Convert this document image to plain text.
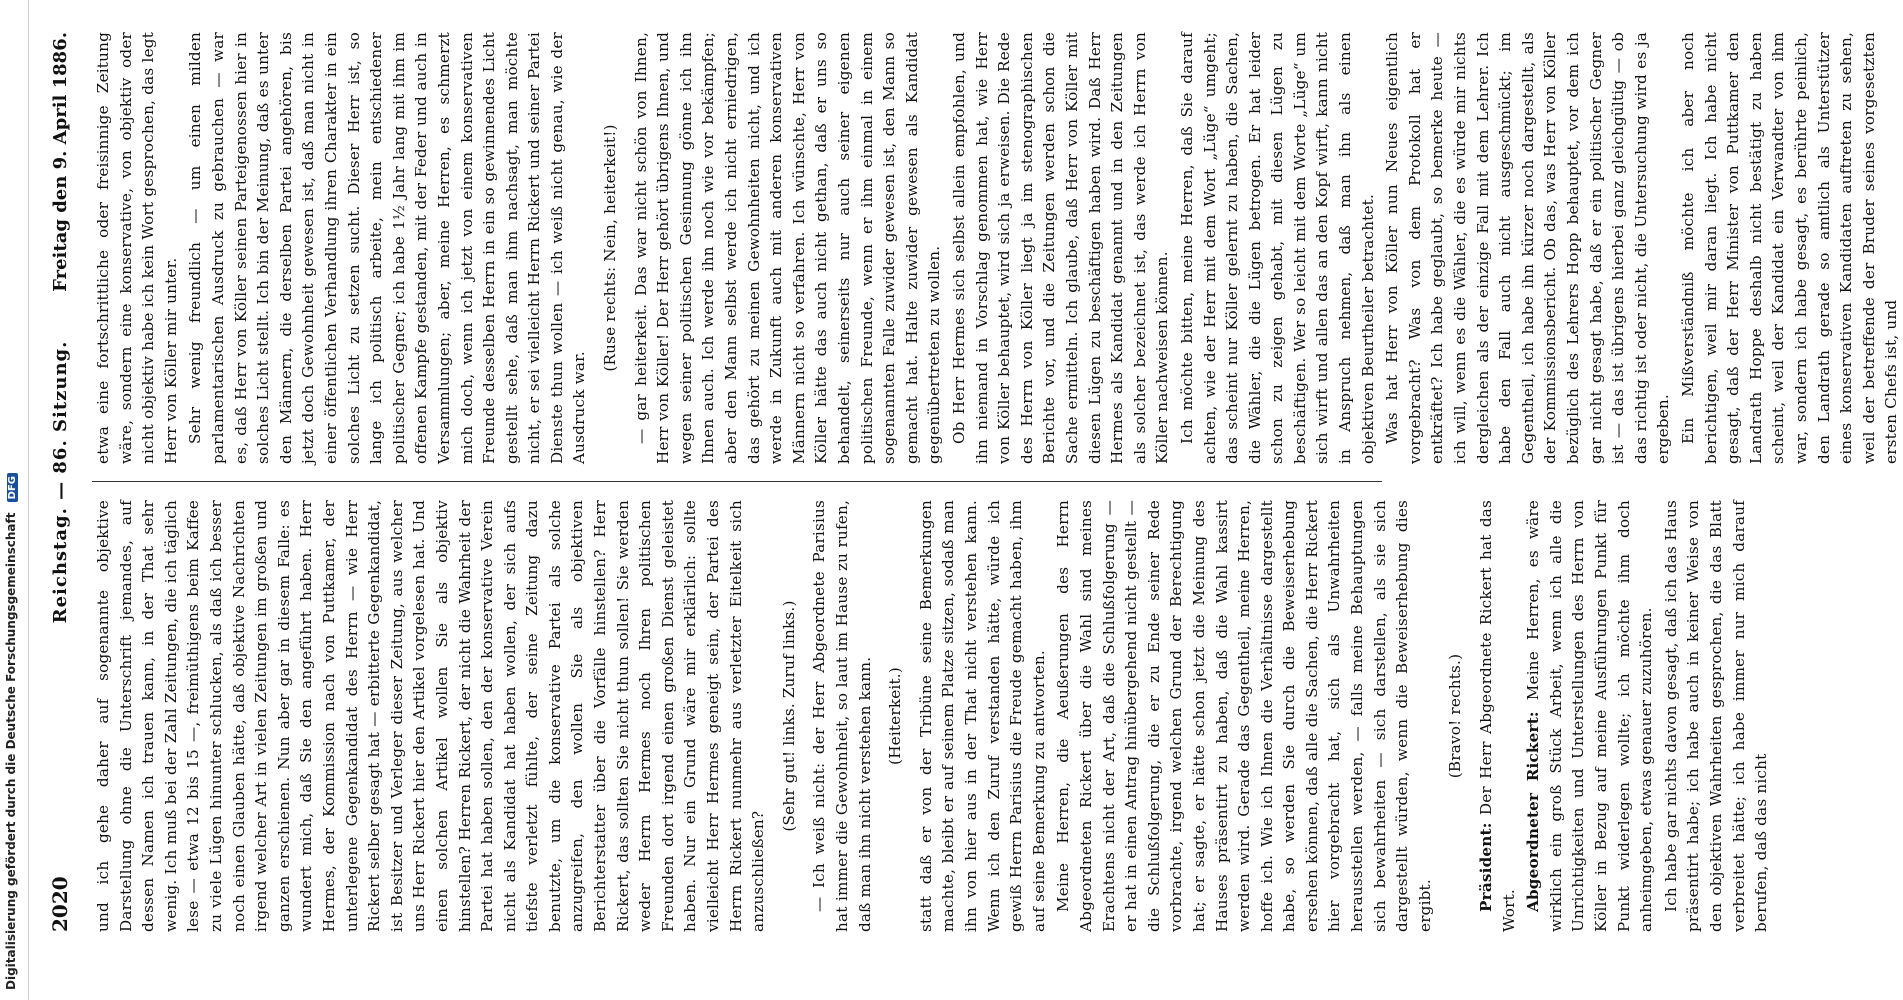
Digitalisierung gefördert durch die Deutsche Forschungsgemeinschaft DFG
2020
Reichstag. — 86. Sitzung.
Freitag den 9. April 1886.

und ich gehe daher auf sogenannte objektive Darstellung ohne die Unterschrift jemandes, auf dessen Namen ich trauen kann, in der That sehr wenig. Ich muß bei der Zahl Zeitungen, die ich täglich lese — etwa 12 bis 15 —, freimüthigens beim Kaffee zu viele Lügen hinunter schlucken, als daß ich besser noch einen Glauben hätte, daß objektive Nachrichten irgend welcher Art in vielen Zeitungen im großen und ganzen erschienen. Nun aber gar in diesem Falle: es wundert mich, daß Sie den angeführt haben. Herr Hermes, der Kommission nach von Puttkamer, der unterlegene Gegenkandidat des Herrn — wie Herr Rickert selber gesagt hat — erbitterte Gegenkandidat, ist Besitzer und Verleger dieser Zeitung, aus welcher uns Herr Rickert hier den Artikel vorgelesen hat. Und einen solchen Artikel wollen Sie als objektiv hinstellen? Herren Rickert, der nicht die Wahrheit der Partei hat haben sollen, den der konservative Verein nicht als Kandidat hat haben wollen, der sich aufs tiefste verletzt fühlte, der seine Zeitung dazu benutzte, um die konservative Partei als solche anzugreifen, den wollen Sie als objektiven Berichterstatter über die Vorfälle hinstellen? Herr Rickert, das sollten Sie nicht thun sollen! Sie werden weder Herrn Hermes noch Ihren politischen Freunden dort irgend einen großen Dienst geleistet haben. Nur ein Grund wäre mir erklärlich: sollte vielleicht Herr Hermes geneigt sein, der Partei des Herrn Rickert nunmehr aus verletzter Eitelkeit sich anzuschließen?

(Sehr gut! links. Zuruf links.) — Ich weiß nicht: der Herr Abgeordnete Parisius hat immer die Gewohnheit, so laut im Hause zu rufen, daß man ihn nicht verstehen kann. (Heiterkeit.) statt daß er von der Tribüne seine Bemerkungen machte, bleibt er auf seinem Platze sitzen, sodaß man ihn von hier aus in der That nicht verstehen kann. Wenn ich den Zuruf verstanden hätte, würde ich gewiß Herrn Parisius die Freude gemacht haben, ihm auf seine Bemerkung zu antworten. Meine Herren, die Aeußerungen des Herrn Abgeordneten Rickert über die Wahl sind meines Erachtens nicht der Art, daß die Schlußfolgerung — er hat in einen Antrag hinübergehend nicht gestellt — die Schlußfolgerung, die er zu Ende seiner Rede vorbrachte, irgend welchen Grund der Berechtigung hat; er sagte, er hätte schon jetzt die Meinung des Hauses präsentirt zu haben, daß die Wahl kassirt werden wird. Gerade das Gegentheil, meine Herren, hoffe ich. Wie ich Ihnen die Verhältnisse dargestellt habe, so werden Sie durch die Beweiserhebung ersehen können, daß alle die Sachen, die Herr Rickert hier vorgebracht hat, sich als Unwahrheiten herausstellen werden, — falls meine Behauptungen sich bewahrheiten — sich darstellen, als sie sich dargestellt würden, wenn die Beweiserhebung dies ergibt.

(Bravo! rechts.)

Präsident: Der Herr Abgeordnete Rickert hat das Wort. Abgeordneter Rickert: Meine Herren, es wäre wirklich ein groß Stück Arbeit, wenn ich alle die Unrichtigkeiten und Unterstellungen des Herrn von Köller in Bezug auf meine Ausführungen Punkt für Punkt widerlegen wollte; ich möchte ihm doch anheimgeben, etwas genauer zuzuhören. Ich habe gar nichts davon gesagt, daß ich das Haus präsentirt habe; ich habe auch in keiner Weise von den objektiven Wahrheiten gesprochen, die das Blatt verbreitet hätte; ich habe immer nur mich darauf berufen, daß das nicht

etwa eine fortschrittliche oder freisinnige Zeitung wäre, sondern eine konservative, von objektiv oder nicht objektiv habe ich kein Wort gesprochen, das legt Herr von Köller mir unter. Sehr wenig freundlich — um einen milden parlamentarischen Ausdruck zu gebrauchen — war es, daß Herr von Köller seinen Parteigenossen hier in solches Licht stellt. Ich bin der Meinung, daß es unter den Männern, die derselben Partei angehören, bis jetzt doch Gewohnheit gewesen ist, daß man nicht in einer öffentlichen Verhandlung ihren Charakter in ein solches Licht zu setzen sucht. Dieser Herr ist, so lange ich politisch arbeite, mein entschiedener politischer Gegner; ich habe 1½ Jahr lang mit ihm im offenen Kampfe gestanden, mit der Feder und auch in Versammlungen; aber, meine Herren, es schmerzt mich doch, wenn ich jetzt von einem konservativen Freunde desselben Herrn in ein so gewinnendes Licht gestellt sehe, daß man ihm nachsagt, man möchte nicht, er sei vielleicht Herrn Rickert und seiner Partei Dienste thun wollen — ich weiß nicht genau, wie der Ausdruck war.

(Ruse rechts: Nein, heiterkeit!) — gar heiterkeit. Das war nicht schön von Ihnen, Herr von Köller! Der Herr gehört übrigens Ihnen, und wegen seiner politischen Gesinnung gönne ich ihn Ihnen auch. Ich werde ihn noch wie vor bekämpfen; aber den Mann selbst werde ich nicht erniedrigen, das gehört zu meinen Gewohnheiten nicht, und ich werde in Zukunft auch mit anderen konservativen Männern nicht so verfahren. Ich wünschte, Herr von Köller hätte das auch nicht gethan, daß er uns so behandelt, seinerseits nur auch seiner eigenen politischen Freunde, wenn er ihm einmal in einem sogenannten Falle zuwider gewesen ist, den Mann so gemacht hat. Halte zuwider gewesen als Kandidat gegenübertreten zu wollen. Ob Herr Hermes sich selbst allein empfohlen, und ihn niemand in Vorschlag genommen hat, wie Herr von Köller behauptet, wird sich ja erweisen. Die Rede des Herrn von Köller liegt ja im stenographischen Berichte vor, und die Zeitungen werden schon die Sache ermitteln. Ich glaube, daß Herr von Köller mit diesen Lügen zu beschäftigen haben wird. Daß Herr Hermes als Kandidat genannt und in den Zeitungen als solcher bezeichnet ist, das werde ich Herrn von Köller nachweisen können. Ich möchte bitten, meine Herren, daß Sie darauf achten, wie der Herr mit dem Wort „Lüge“ umgeht; das scheint nur Köller gelernt zu haben, die Sachen, die Wähler, die die Lügen betrogen. Er hat leider schon zu zeigen gehabt, mit diesen Lügen zu beschäftigen. Wer so leicht mit dem Worte „Lüge“ um sich wirft und allen das an den Kopf wirft, kann nicht in Anspruch nehmen, daß man ihn als einen objektiven Beurtheiler betrachtet. Was hat Herr von Köller nun Neues eigentlich vorgebracht? Was von dem Protokoll hat er entkräftet? Ich habe geglaubt, so bemerke heute — ich will, wenn es die Wähler, die es würde mir nichts dergleichen als der einzige Fall mit dem Lehrer. Ich habe den Fall auch nicht ausgeschmückt; im Gegentheil, ich habe ihn kürzer noch dargestellt, als der Kommissionsbericht. Ob das, was Herr von Köller bezüglich des Lehrers Hopp behauptet, vor dem ich gar nicht gesagt habe, daß er ein politischer Gegner ist — das ist übrigens hierbei ganz gleichgültig — ob das richtig ist oder nicht, die Untersuchung wird es ja ergeben. Ein Mißverständniß möchte ich aber noch berichtigen, weil mir daran liegt. Ich habe nicht gesagt, daß der Herr Minister von Puttkamer den Landrath Hoppe deshalb nicht bestätigt zu haben scheint, weil der Kandidat ein Verwandter von ihm war, sondern ich habe gesagt, es berührte peinlich, den Landrath gerade so amtlich als Unterstützer eines konservativen Kandidaten auftreten zu sehen, weil der betreffende der Bruder seines vorgesetzten ersten Chefs ist, und
